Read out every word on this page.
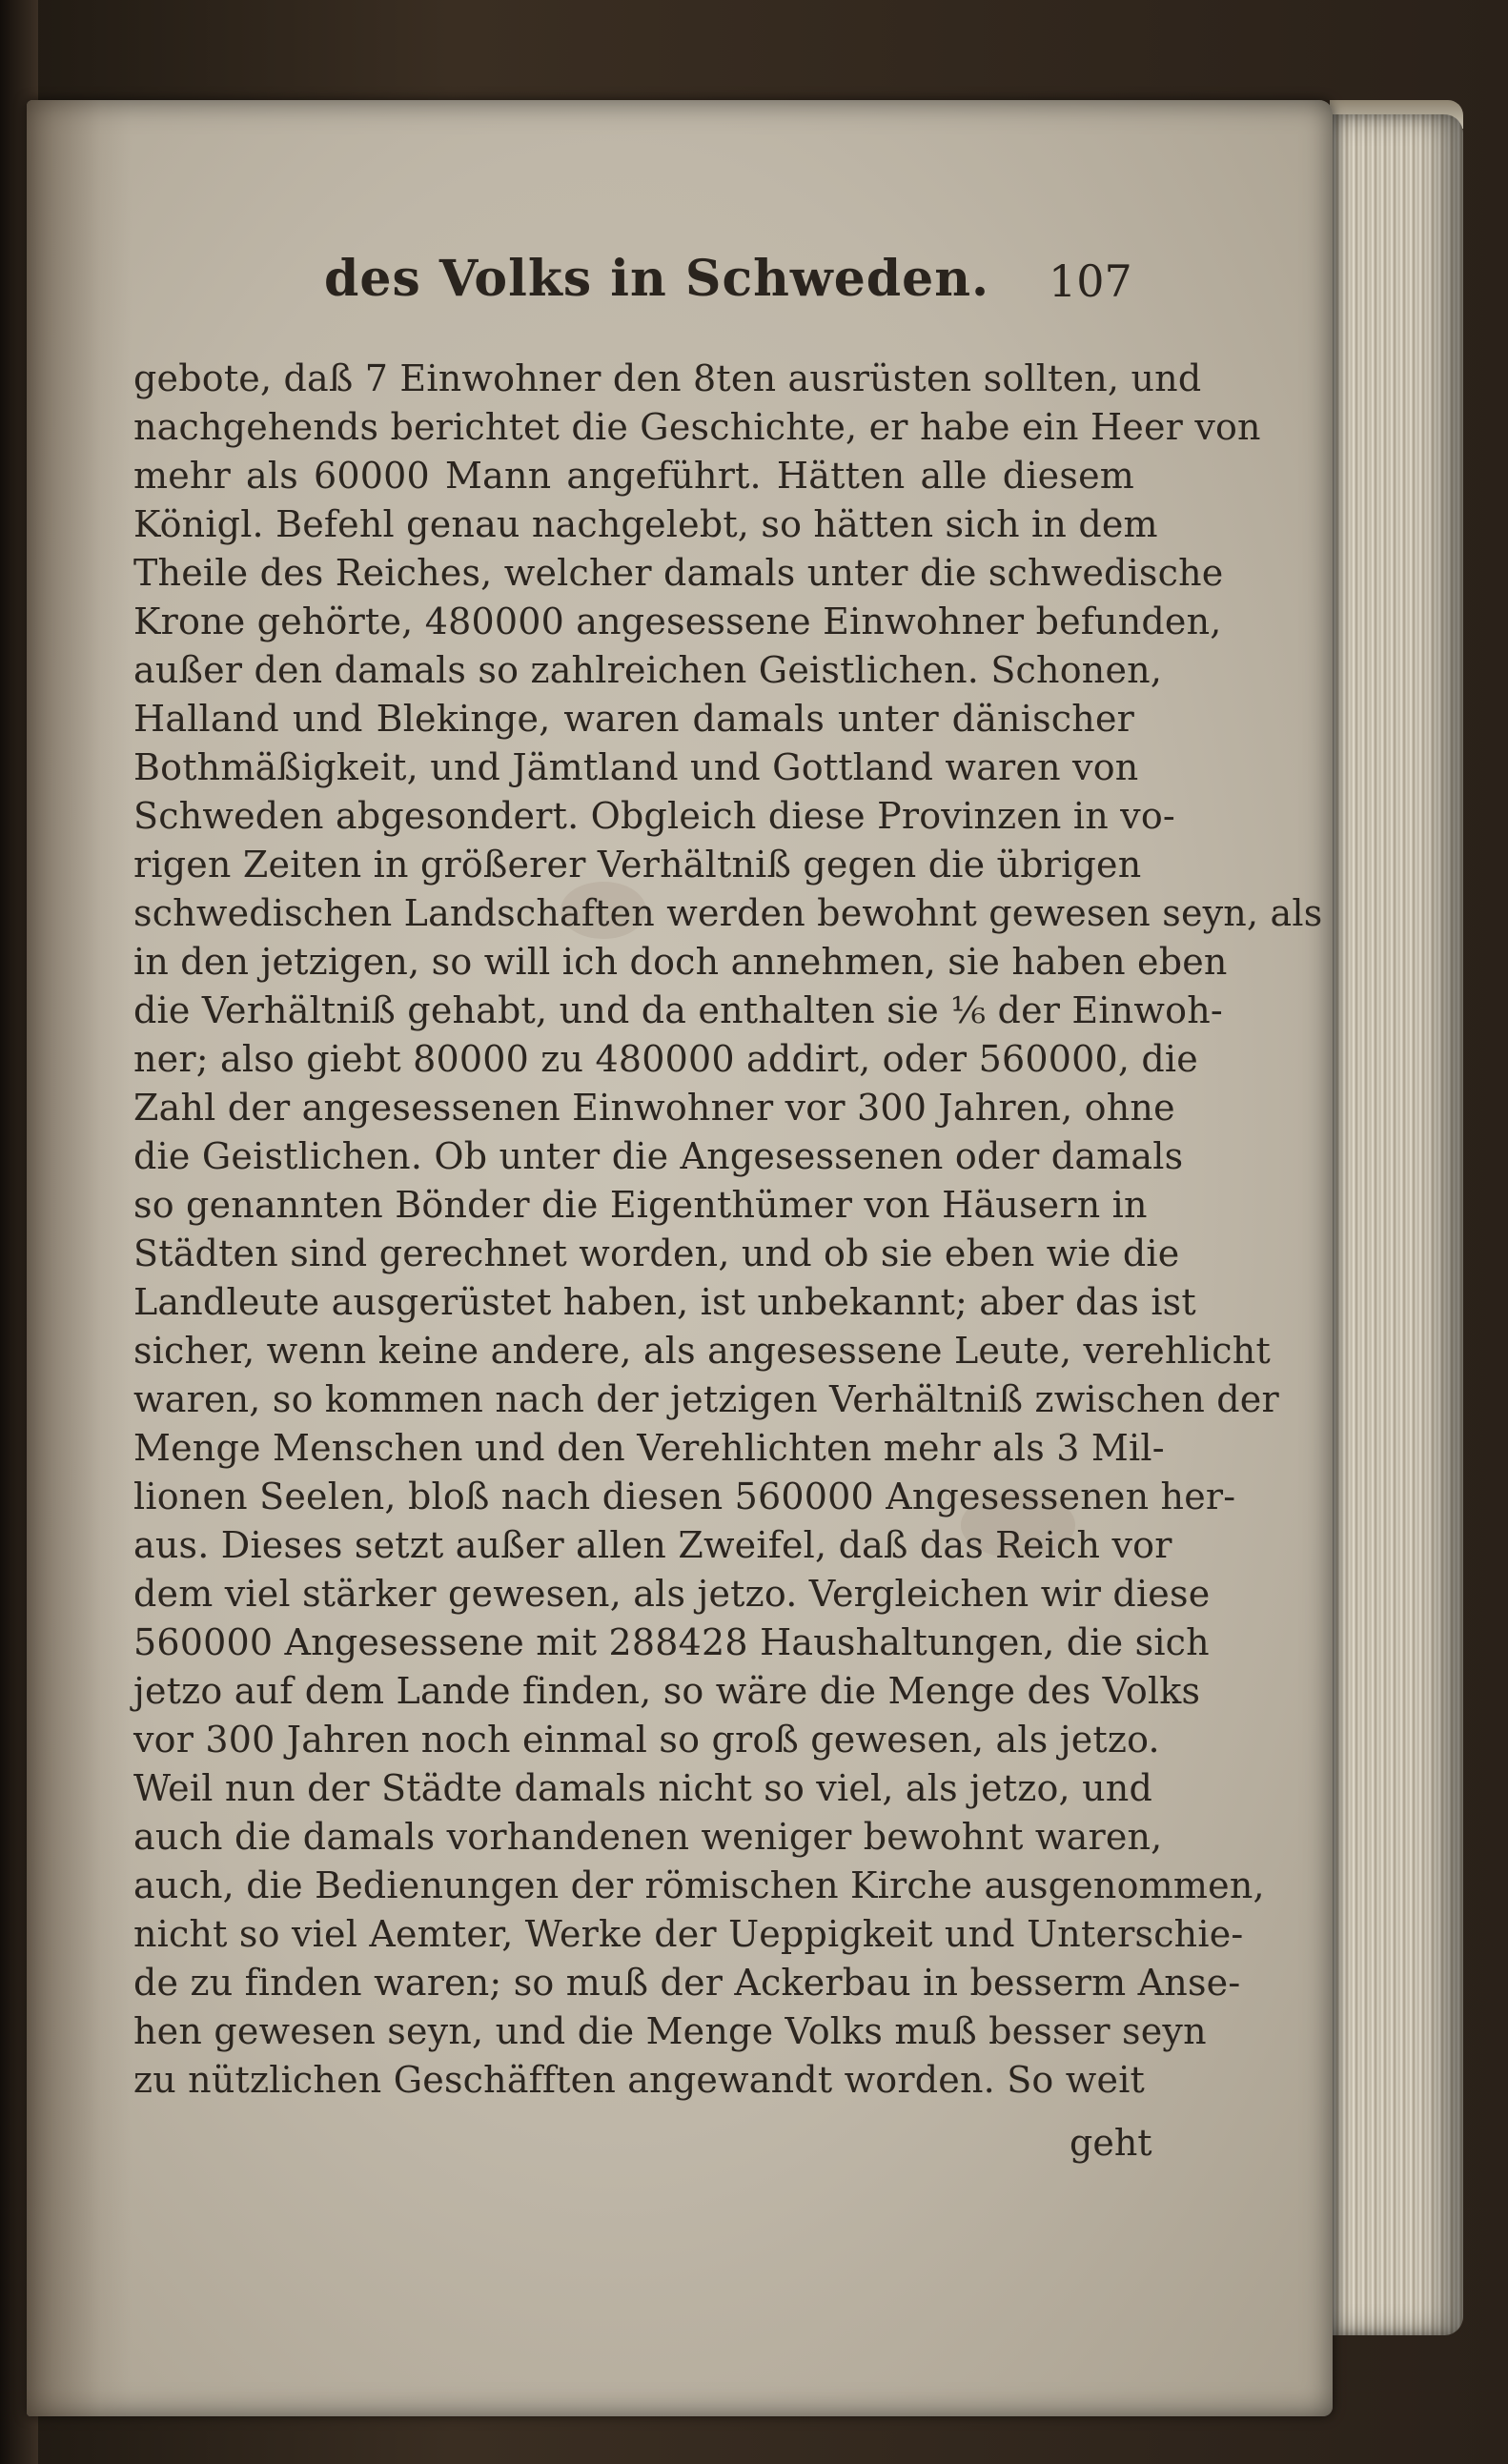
des Volks in Schweden. 107
gebote, daß 7 Einwohner den 8ten ausrüsten sollten, und
nachgehends berichtet die Geschichte, er habe ein Heer von
mehr als 60000 Mann angeführt. Hätten alle diesem
Königl. Befehl genau nachgelebt, so hätten sich in dem
Theile des Reiches, welcher damals unter die schwedische
Krone gehörte, 480000 angesessene Einwohner befunden,
außer den damals so zahlreichen Geistlichen. Schonen,
Halland und Blekinge, waren damals unter dänischer
Bothmäßigkeit, und Jämtland und Gottland waren von
Schweden abgesondert. Obgleich diese Provinzen in vo-
rigen Zeiten in größerer Verhältniß gegen die übrigen
schwedischen Landschaften werden bewohnt gewesen seyn, als
in den jetzigen, so will ich doch annehmen, sie haben eben
die Verhältniß gehabt, und da enthalten sie ⅙ der Einwoh-
ner; also giebt 80000 zu 480000 addirt, oder 560000, die
Zahl der angesessenen Einwohner vor 300 Jahren, ohne
die Geistlichen. Ob unter die Angesessenen oder damals
so genannten Bönder die Eigenthümer von Häusern in
Städten sind gerechnet worden, und ob sie eben wie die
Landleute ausgerüstet haben, ist unbekannt; aber das ist
sicher, wenn keine andere, als angesessene Leute, verehlicht
waren, so kommen nach der jetzigen Verhältniß zwischen der
Menge Menschen und den Verehlichten mehr als 3 Mil-
lionen Seelen, bloß nach diesen 560000 Angesessenen her-
aus. Dieses setzt außer allen Zweifel, daß das Reich vor
dem viel stärker gewesen, als jetzo. Vergleichen wir diese
560000 Angesessene mit 288428 Haushaltungen, die sich
jetzo auf dem Lande finden, so wäre die Menge des Volks
vor 300 Jahren noch einmal so groß gewesen, als jetzo.
Weil nun der Städte damals nicht so viel, als jetzo, und
auch die damals vorhandenen weniger bewohnt waren,
auch, die Bedienungen der römischen Kirche ausgenommen,
nicht so viel Aemter, Werke der Ueppigkeit und Unterschie-
de zu finden waren; so muß der Ackerbau in besserm Anse-
hen gewesen seyn, und die Menge Volks muß besser seyn
zu nützlichen Geschäfften angewandt worden. So weit
geht
